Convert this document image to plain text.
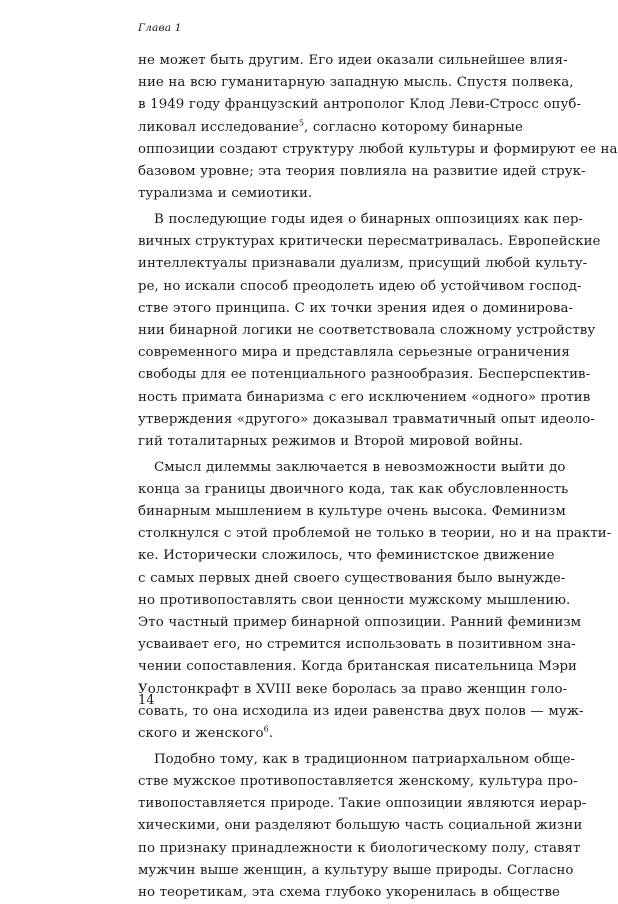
Глава 1
не может быть другим. Его идеи оказали сильнейшее влия-
ние на всю гуманитарную западную мысль. Спустя полвека,
в 1949 году французский антрополог Клод Леви-Стросс опуб-
ликовал исследование$^5$, согласно которому бинарные
оппозиции создают структуру любой культуры и формируют ее на
базовом уровне; эта теория повлияла на развитие идей струк-
турализма и семиотики.
В последующие годы идея о бинарных оппозициях как пер-
вичных структурах критически пересматривалась. Европейские
интеллектуалы признавали дуализм, присущий любой культу-
ре, но искали способ преодолеть идею об устойчивом господ-
стве этого принципа. С их точки зрения идея о доминирова-
нии бинарной логики не соответствовала сложному устройству
современного мира и представляла серьезные ограничения
свободы для ее потенциального разнообразия. Бесперспектив-
ность примата бинаризма с его исключением «одного» против
утверждения «другого» доказывал травматичный опыт идеоло-
гий тоталитарных режимов и Второй мировой войны.
Смысл дилеммы заключается в невозможности выйти до
конца за границы двоичного кода, так как обусловленность
бинарным мышлением в культуре очень высока. Феминизм
столкнулся с этой проблемой не только в теории, но и на практи-
ке. Исторически сложилось, что феминистское движение
с самых первых дней своего существования было вынужде-
но противопоставлять свои ценности мужскому мышлению.
Это частный пример бинарной оппозиции. Ранний феминизм
усваивает его, но стремится использовать в позитивном зна-
чении сопоставления. Когда британская писательница Мэри
Уолстонкрафт в XVIII веке боролась за право женщин голо-
совать, то она исходила из идеи равенства двух полов — муж-
ского и женского$^6$.
Подобно тому, как в традиционном патриархальном обще-
стве мужское противопоставляется женскому, культура про-
тивопоставляется природе. Такие оппозиции являются иерар-
хическими, они разделяют большую часть социальной жизни
по признаку принадлежности к биологическому полу, ставят
мужчин выше женщин, а культуру выше природы. Согласно
но теоретикам, эта схема глубоко укоренилась в обществе
14
